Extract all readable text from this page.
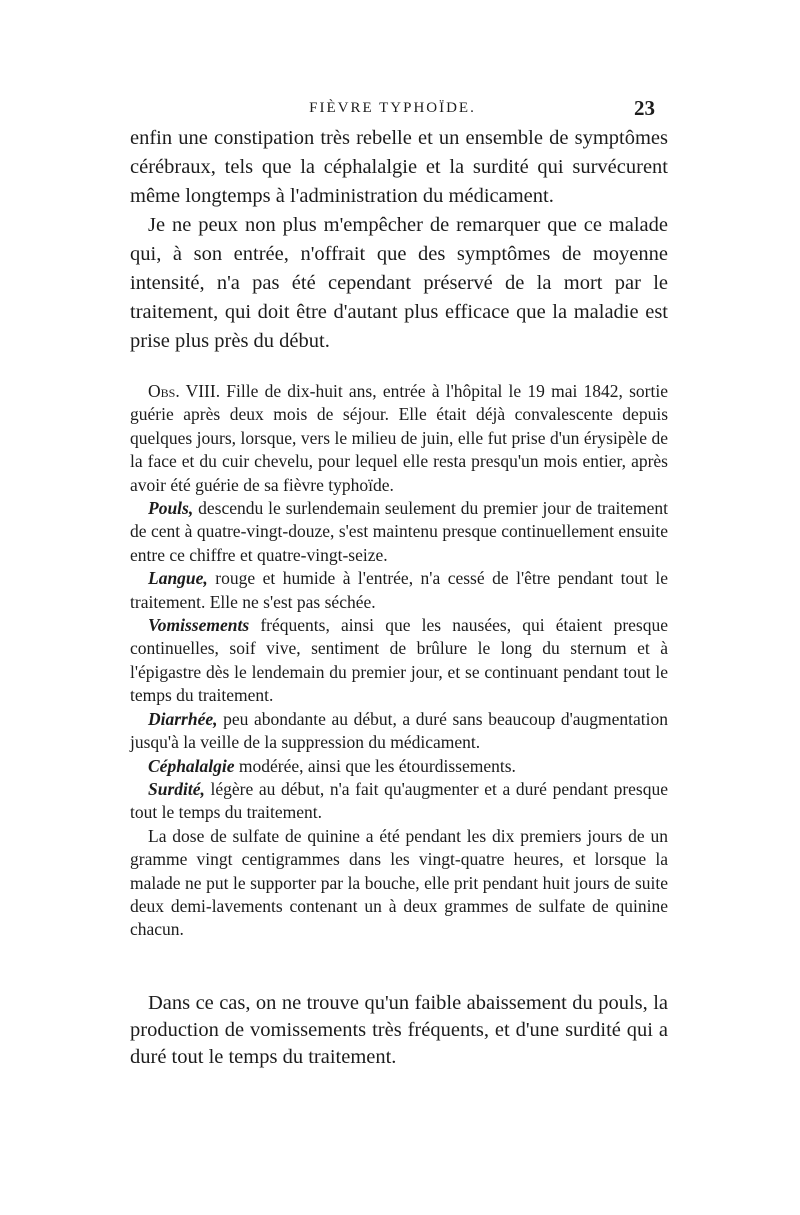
FIÈVRE TYPHOÏDE.	23

enfin une constipation très rebelle et un ensemble de symptômes cérébraux, tels que la céphalalgie et la surdité qui survécurent même longtemps à l'administration du médicament.

Je ne peux non plus m'empêcher de remarquer que ce malade qui, à son entrée, n'offrait que des symptômes de moyenne intensité, n'a pas été cependant préservé de la mort par le traitement, qui doit être d'autant plus efficace que la maladie est prise plus près du début.

Obs. VIII. Fille de dix-huit ans, entrée à l'hôpital le 19 mai 1842, sortie guérie après deux mois de séjour. Elle était déjà convalescente depuis quelques jours, lorsque, vers le milieu de juin, elle fut prise d'un érysipèle de la face et du cuir chevelu, pour lequel elle resta presqu'un mois entier, après avoir été guérie de sa fièvre typhoïde.

Pouls, descendu le surlendemain seulement du premier jour de traitement de cent à quatre-vingt-douze, s'est maintenu presque continuellement ensuite entre ce chiffre et quatre-vingt-seize.

Langue, rouge et humide à l'entrée, n'a cessé de l'être pendant tout le traitement. Elle ne s'est pas séchée.

Vomissements fréquents, ainsi que les nausées, qui étaient presque continuelles, soif vive, sentiment de brûlure le long du sternum et à l'épigastre dès le lendemain du premier jour, et se continuant pendant tout le temps du traitement.

Diarrhée, peu abondante au début, a duré sans beaucoup d'augmentation jusqu'à la veille de la suppression du médicament.

Céphalalgie modérée, ainsi que les étourdissements.

Surdité, légère au début, n'a fait qu'augmenter et a duré pendant presque tout le temps du traitement.

La dose de sulfate de quinine a été pendant les dix premiers jours de un gramme vingt centigrammes dans les vingt-quatre heures, et lorsque la malade ne put le supporter par la bouche, elle prit pendant huit jours de suite deux demi-lavements contenant un à deux grammes de sulfate de quinine chacun.

Dans ce cas, on ne trouve qu'un faible abaissement du pouls, la production de vomissements très fréquents, et d'une surdité qui a duré tout le temps du traitement.
